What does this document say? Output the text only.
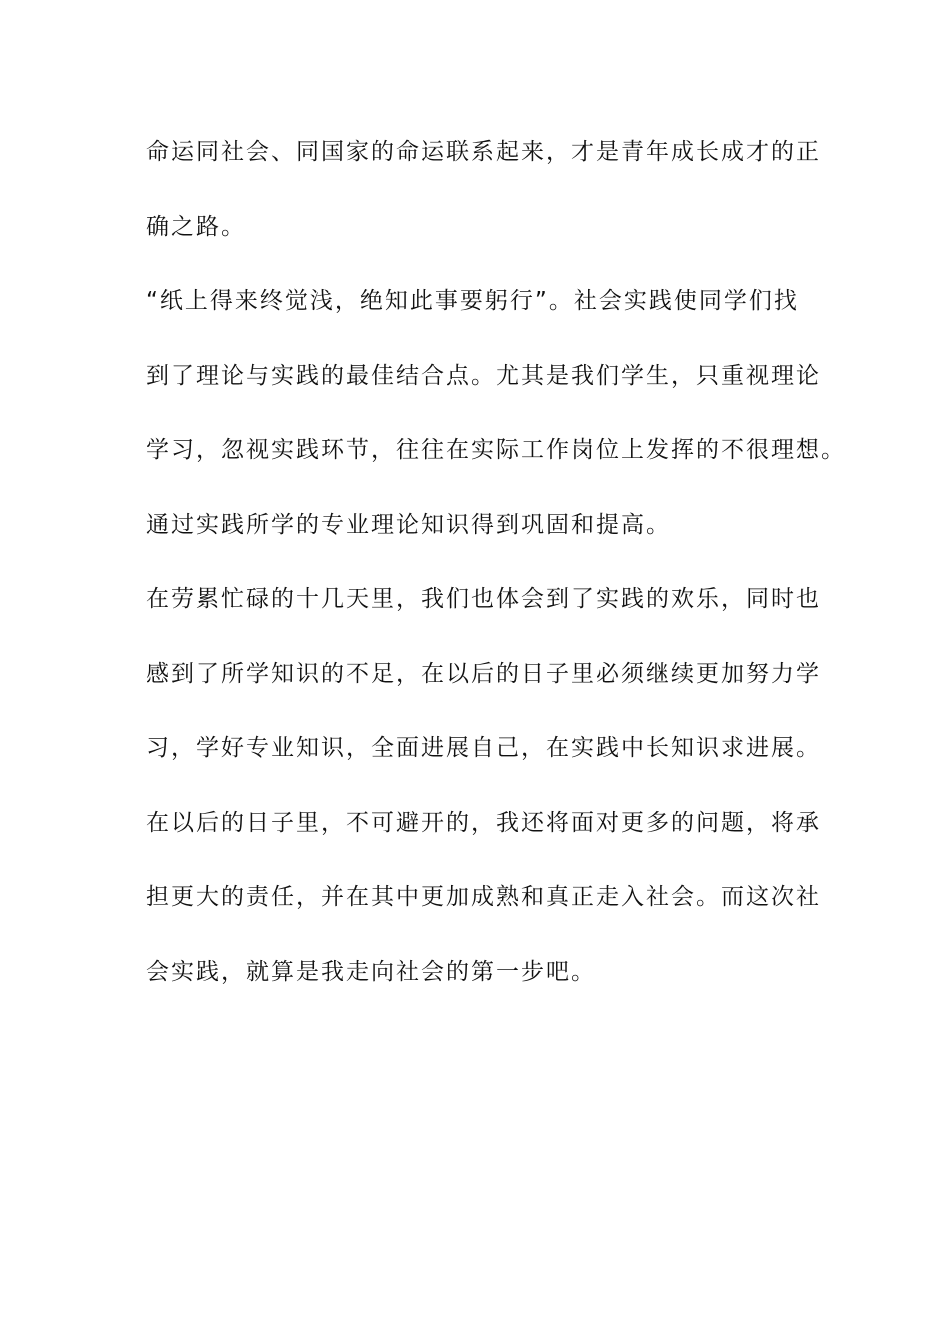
命运同社会、同国家的命运联系起来，才是青年成长成才的正
确之路。
“纸上得来终觉浅，绝知此事要躬行”。社会实践使同学们找
到了理论与实践的最佳结合点。尤其是我们学生，只重视理论
学习，忽视实践环节，往往在实际工作岗位上发挥的不很理想。
通过实践所学的专业理论知识得到巩固和提高。
在劳累忙碌的十几天里，我们也体会到了实践的欢乐，同时也
感到了所学知识的不足，在以后的日子里必须继续更加努力学
习，学好专业知识，全面进展自己，在实践中长知识求进展。
在以后的日子里，不可避开的，我还将面对更多的问题，将承
担更大的责任，并在其中更加成熟和真正走入社会。而这次社
会实践，就算是我走向社会的第一步吧。
